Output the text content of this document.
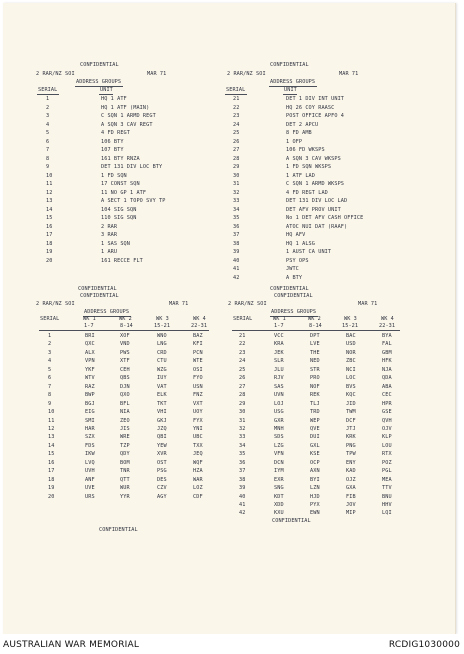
CONFIDENTIAL	CONFIDENTIAL
2 RAR/NZ SOI	MAR 71	2 RAR/NZ SOI	MAR 71
ADDRESS GROUPS	ADDRESS GROUPS
SERIAL	UNIT	SERIAL	UNIT
1	HQ 1 ATF
2	HQ 1 ATF (MAIN)
3	C SQN 1 ARMD REGT
4	A SQN 3 CAV REGT
5	4 FD REGT
6	106 BTY
7	107 BTY
8	161 BTY RNZA
9	DET 131 DIV LOC BTY
10	1 FD SQN
11	17 CONST SQN
12	11 NO GP 1 ATF
13	A SECT 1 TOPO SVY TP
14	104 SIG SQN
15	110 SIG SQN
16	2 RAR
17	3 RAR
18	1 SAS SQN
19	1 ARU
20	161 RECCE FLT
21	DET 1 DIV INT UNIT
22	HQ 26 COY RAASC
23	POST OFFICE APFO 4
24	DET 2 APCU
25	8 FD AMB
26	1 OFP
27	106 FD WKSPS
28	A SQN 3 CAV WKSPS
29	1 FD SQN WKSPS
30	1 ATF LAD
31	C SQN 1 ARMD WKSPS
32	4 FD REGT LAD
33	DET 131 DIV LOC LAD
34	DET AFV PROV UNIT
35	No 1 DET AFV CASH OFFICE
36	ATOC NUI DAT (RAAF)
37	HQ AFV
38	HQ 1 ALSG
39	1 AUST CA UNIT
40	PSY OPS
41	JWTC
42	A BTY
CONFIDENTIAL
CONFIDENTIAL
CONFIDENTIAL	CONFIDENTIAL
2 RAR/NZ SOI	MAR 71	2 RAR/NZ SOI	MAR 71
ADDRESS GROUPS	ADDRESS GROUPS
SERIAL	WK 1	WK 2	WK 3	WK 4	SERIAL	WK 1	WK 2	WK 3	WK 4
1-7	8-14	15-21	22-31	1-7	8-14	15-21	22-31
1	BRI	XOF	WNO	BAZ
2	QXC	VND	LNG	KFI
3	ALX	PWS	CRD	PCN
4	VPN	XTF	CTU	WTE
5	YKF	CEH	WZG	OSI
6	WTV	QBS	IUY	FYO
7	RAZ	DJN	VAT	USN
8	BWP	QXO	ELK	FNZ
9	BGJ	BFL	TKT	VXT
10	EIG	NIA	VHI	UOY
11	SMI	ZEO	GKJ	FYX
12	HAR	JIS	JZQ	YNI
13	SZX	WRE	QBI	UBC
14	FDS	TZP	YEW	TXX
15	IKW	QDY	XVR	JEQ
16	LVQ	BOM	OST	WQF
17	UVH	TNR	PSG	HZA
18	ANF	QTT	DES	WAR
19	UVE	WUR	CZV	LOZ
20	URS	YYR	AGY	CDF
21	VCC	DPT	BAC	BYA
22	KRA	LVE	USD	FAL
23	JEK	THE	NOR	GBM
24	SLR	NED	ZBC	HFK
25	JLU	STR	NCI	NJA
26	RJV	PRO	LOC	QDA
27	SAS	NOF	BVS	ABA
28	UVN	REK	KQC	CEC
29	LOJ	TLJ	JID	HPR
30	USG	TRD	TWM	GSE
31	GXR	WEP	DCF	QVH
32	MNH	QVE	JTJ	OJV
33	SDS	DUI	KRK	KLP
34	LZG	GXL	PNG	LOU
35	VFN	KSE	TPW	RTX
36	DCN	OCP	ENY	POZ
37	IYM	AXN	KAD	PGL
38	EXR	BYI	OJZ	MEA
39	SNG	LZN	GXA	TTV
40	KDT	HJD	FIB	BNU
41	XDD	PYX	JOV	HHV
42	KXU	EWN	MIP	LQI
CONFIDENTIAL
CONFIDENTIAL
AUSTRALIAN WAR MEMORIAL	RCDIG1030000
